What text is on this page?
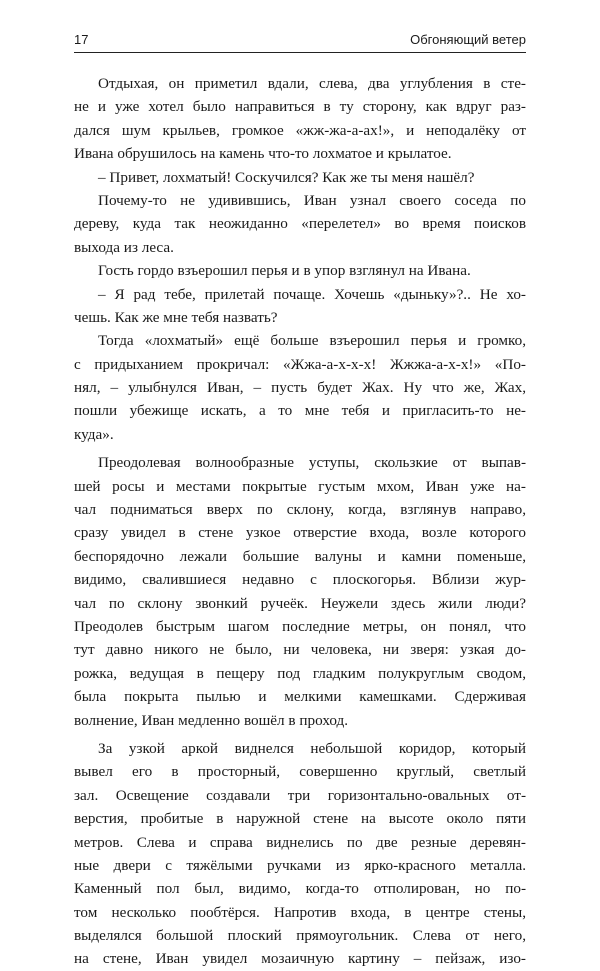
17	Обгоняющий ветер
Отдыхая, он приметил вдали, слева, два углубления в сте-
не и уже хотел было направиться в ту сторону, как вдруг раз-
дался шум крыльев, громкое «жж-жа-а-ах!», и неподалёку от
Ивана обрушилось на камень что-то лохматое и крылатое.
– Привет, лохматый! Соскучился? Как же ты меня нашёл?
Почему-то не удивившись, Иван узнал своего соседа по
дереву, куда так неожиданно «перелетел» во время поисков
выхода из леса.
Гость гордо взъерошил перья и в упор взглянул на Ивана.
– Я рад тебе, прилетай почаще. Хочешь «дыньку»?.. Не хо-
чешь. Как же мне тебя назвать?
Тогда «лохматый» ещё больше взъерошил перья и громко,
с придыханием прокричал: «Жжа-а-х-х-х! Жжжа-а-х-х!» «По-
нял, – улыбнулся Иван, – пусть будет Жах. Ну что же, Жах,
пошли убежище искать, а то мне тебя и пригласить-то не-
куда».
Преодолевая волнообразные уступы, скользкие от выпав-
шей росы и местами покрытые густым мхом, Иван уже на-
чал подниматься вверх по склону, когда, взглянув направо,
сразу увидел в стене узкое отверстие входа, возле которого
беспорядочно лежали большие валуны и камни поменьше,
видимо, свалившиеся недавно с плоскогорья. Вблизи жур-
чал по склону звонкий ручеёк. Неужели здесь жили люди?
Преодолев быстрым шагом последние метры, он понял, что
тут давно никого не было, ни человека, ни зверя: узкая до-
рожка, ведущая в пещеру под гладким полукруглым сводом,
была покрыта пылью и мелкими камешками. Сдерживая
волнение, Иван медленно вошёл в проход.
За узкой аркой виднелся небольшой коридор, который
вывел его в просторный, совершенно круглый, светлый
зал. Освещение создавали три горизонтально-овальных от-
верстия, пробитые в наружной стене на высоте около пяти
метров. Слева и справа виднелись по две резные деревян-
ные двери с тяжёлыми ручками из ярко-красного металла.
Каменный пол был, видимо, когда-то отполирован, но по-
том несколько пообтёрся. Напротив входа, в центре стены,
выделялся большой плоский прямоугольник. Слева от него,
на стене, Иван увидел мозаичную картину – пейзаж, изо-
